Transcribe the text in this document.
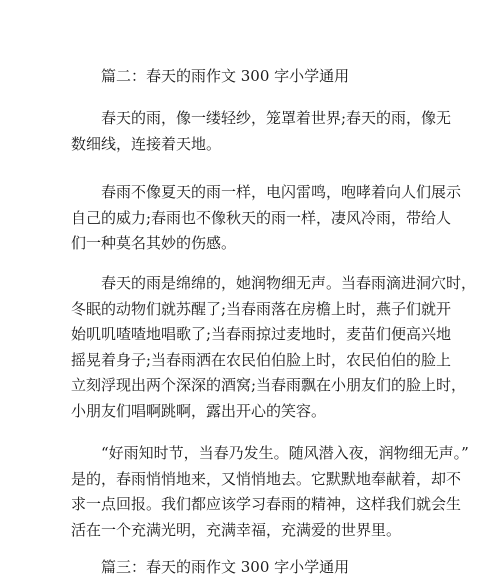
篇二：春天的雨作文 300 字小学通用
春天的雨，像一缕轻纱，笼罩着世界;春天的雨，像无
数细线，连接着天地。
春雨不像夏天的雨一样，电闪雷鸣，咆哮着向人们展示
自己的威力;春雨也不像秋天的雨一样，凄风冷雨，带给人
们一种莫名其妙的伤感。
春天的雨是绵绵的，她润物细无声。当春雨滴进洞穴时，
冬眠的动物们就苏醒了;当春雨落在房檐上时，燕子们就开
始叽叽喳喳地唱歌了;当春雨掠过麦地时，麦苗们便高兴地
摇晃着身子;当春雨洒在农民伯伯脸上时，农民伯伯的脸上
立刻浮现出两个深深的酒窝;当春雨飘在小朋友们的脸上时，
小朋友们唱啊跳啊，露出开心的笑容。
“好雨知时节，当春乃发生。随风潜入夜，润物细无声。”
是的，春雨悄悄地来，又悄悄地去。它默默地奉献着，却不
求一点回报。我们都应该学习春雨的精神，这样我们就会生
活在一个充满光明，充满幸福，充满爱的世界里。
篇三：春天的雨作文 300 字小学通用
